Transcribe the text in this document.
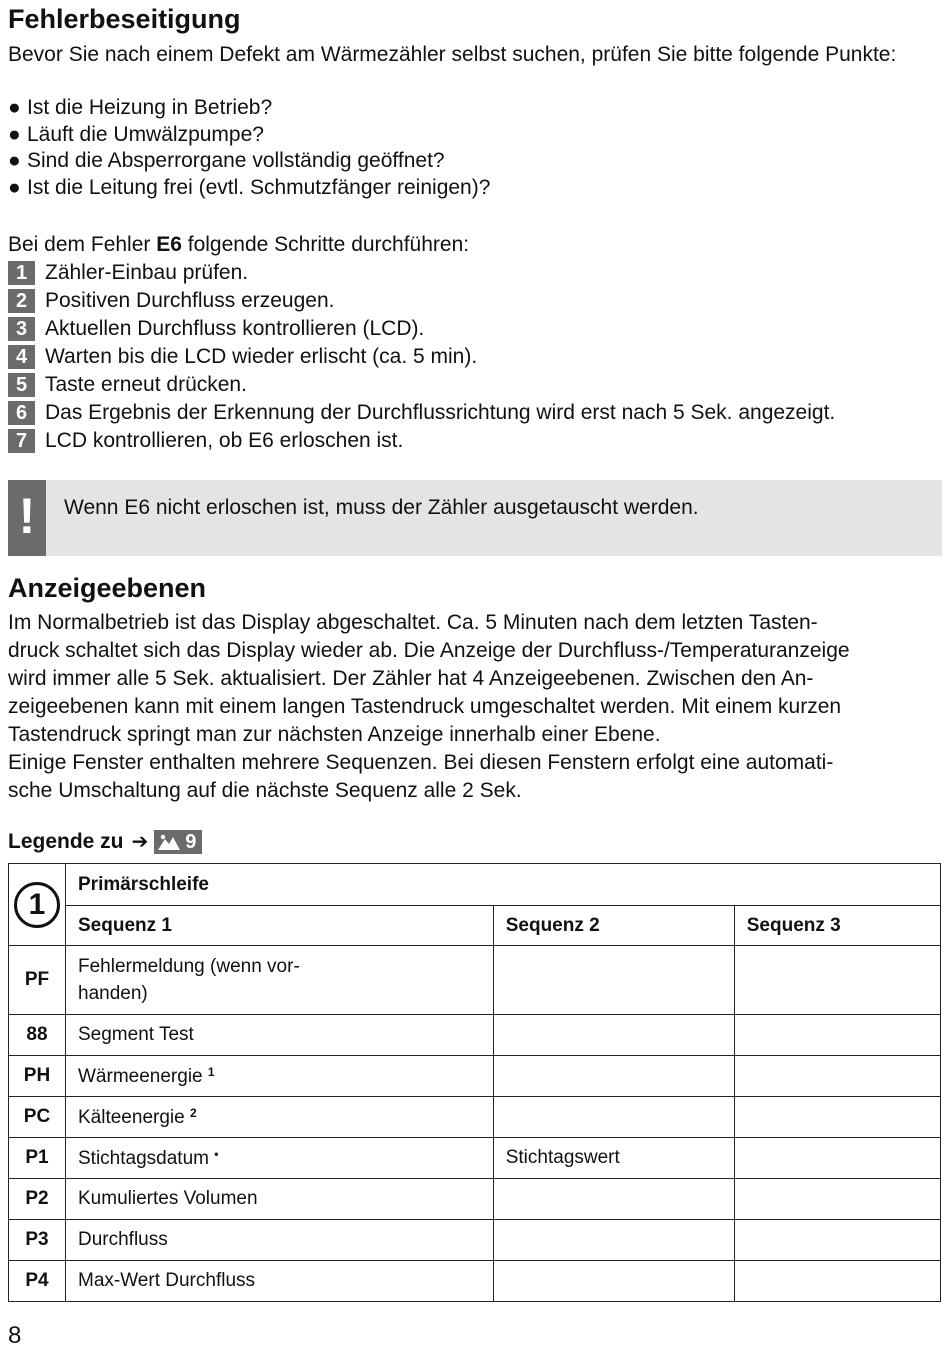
Fehlerbeseitigung

Bevor Sie nach einem Defekt am Wärmezähler selbst suchen, prüfen Sie bitte folgende Punkte:

● Ist die Heizung in Betrieb?
● Läuft die Umwälzpumpe?
● Sind die Absperrorgane vollständig geöffnet?
● Ist die Leitung frei (evtl. Schmutzfänger reinigen)?

Bei dem Fehler E6 folgende Schritte durchführen:

1 Zähler-Einbau prüfen.
2 Positiven Durchfluss erzeugen.
3 Aktuellen Durchfluss kontrollieren (LCD).
4 Warten bis die LCD wieder erlischt (ca. 5 min).
5 Taste erneut drücken.
6 Das Ergebnis der Erkennung der Durchflussrichtung wird erst nach 5 Sek. angezeigt.
7 LCD kontrollieren, ob E6 erloschen ist.
!	Wenn E6 nicht erloschen ist, muss der Zähler ausgetauscht werden.
Anzeigeebenen

Im Normalbetrieb ist das Display abgeschaltet. Ca. 5 Minuten nach dem letzten Tasten-

druck schaltet sich das Display wieder ab. Die Anzeige der Durchfluss-/Temperaturanzeige

wird immer alle 5 Sek. aktualisiert. Der Zähler hat 4 Anzeigeebenen. Zwischen den An-

zeigeebenen kann mit einem langen Tastendruck umgeschaltet werden. Mit einem kurzen

Tastendruck springt man zur nächsten Anzeige innerhalb einer Ebene.

Einige Fenster enthalten mehrere Sequenzen. Bei diesen Fenstern erfolgt eine automati-

sche Umschaltung auf die nächste Sequenz alle 2 Sek.

Legende zu ➔ 9
1	Primärschleife		
	Sequenz 1	Sequenz 2	Sequenz 3
PF	Fehlermeldung (wenn vor-
handen)		
88	Segment Test		
PH	Wärmeenergie $^1$		
PC	Kälteenergie $^2$		
P1	Stichtagsdatum •	Stichtagswert	
P2	Kumuliertes Volumen		
P3	Durchfluss		
P4	Max-Wert Durchfluss		
8
